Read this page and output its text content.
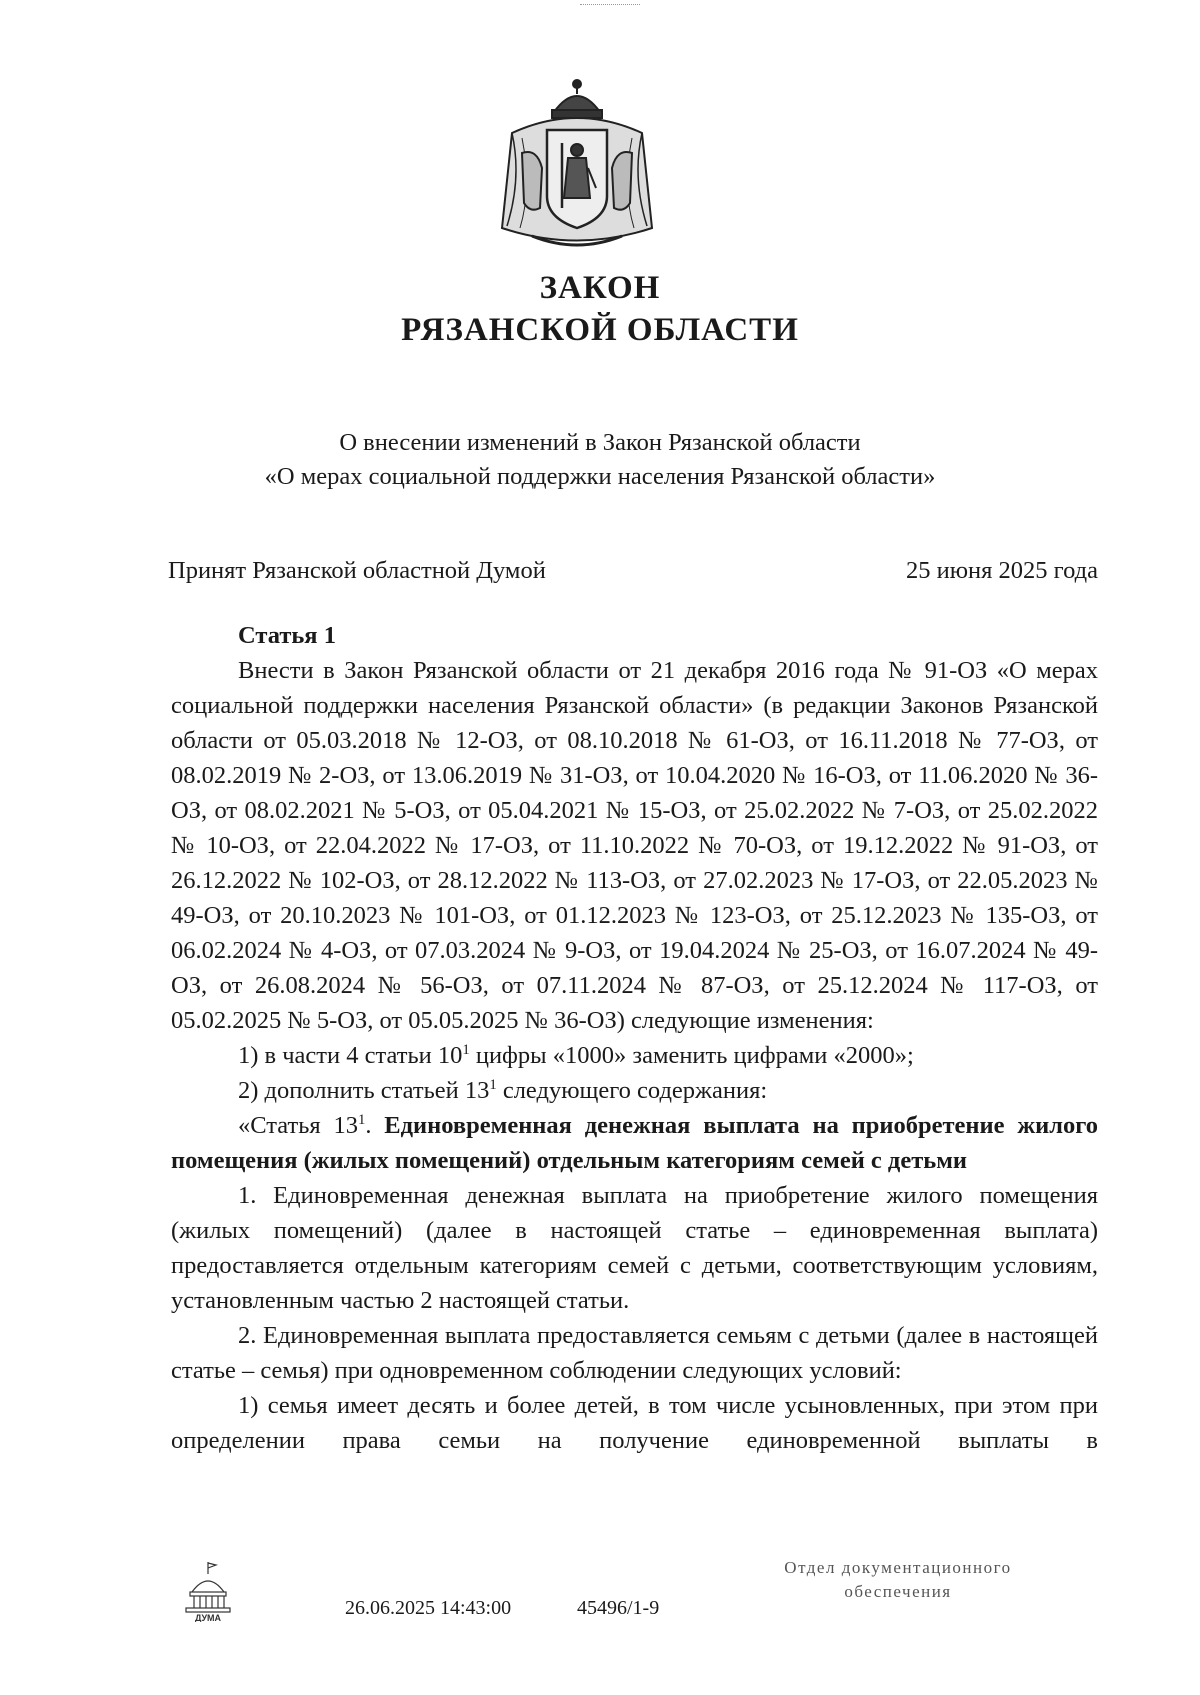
ЗАКОН
РЯЗАНСКОЙ ОБЛАСТИ
О внесении изменений в Закон Рязанской области
«О мерах социальной поддержки населения Рязанской области»
Принят Рязанской областной Думой	25 июня 2025 года
Статья 1

Внести в Закон Рязанской области от 21 декабря 2016 года № 91-ОЗ «О мерах социальной поддержки населения Рязанской области» (в редакции Законов Рязанской области от 05.03.2018 № 12-ОЗ, от 08.10.2018 № 61-ОЗ, от 16.11.2018 № 77-ОЗ, от 08.02.2019 № 2-ОЗ, от 13.06.2019 № 31-ОЗ, от 10.04.2020 № 16-ОЗ, от 11.06.2020 № 36-ОЗ, от 08.02.2021 № 5-ОЗ, от 05.04.2021 № 15-ОЗ, от 25.02.2022 № 7-ОЗ, от 25.02.2022 № 10-ОЗ, от 22.04.2022 № 17-ОЗ, от 11.10.2022 № 70-ОЗ, от 19.12.2022 № 91-ОЗ, от 26.12.2022 № 102-ОЗ, от 28.12.2022 № 113-ОЗ, от 27.02.2023 № 17-ОЗ, от 22.05.2023 № 49-ОЗ, от 20.10.2023 № 101-ОЗ, от 01.12.2023 № 123-ОЗ, от 25.12.2023 № 135-ОЗ, от 06.02.2024 № 4-ОЗ, от 07.03.2024 № 9-ОЗ, от 19.04.2024 № 25-ОЗ, от 16.07.2024 № 49-ОЗ, от 26.08.2024 № 56-ОЗ, от 07.11.2024 № 87-ОЗ, от 25.12.2024 № 117-ОЗ, от 05.02.2025 № 5-ОЗ, от 05.05.2025 № 36-ОЗ) следующие изменения:

1) в части 4 статьи $10^1$ цифры «1000» заменить цифрами «2000»;

2) дополнить статьей $13^1$ следующего содержания:

«Статья $13^1$. Единовременная денежная выплата на приобретение жилого помещения (жилых помещений) отдельным категориям семей с детьми

1. Единовременная денежная выплата на приобретение жилого помещения (жилых помещений) (далее в настоящей статье – единовременная выплата) предоставляется отдельным категориям семей с детьми, соответствующим условиям, установленным частью 2 настоящей статьи.

2. Единовременная выплата предоставляется семьям с детьми (далее в настоящей статье – семья) при одновременном соблюдении следующих условий:

1) семья имеет десять и более детей, в том числе усыновленных, при этом при определении права семьи на получение единовременной выплаты в

ДУМА	26.06.2025 14:43:00	45496/1-9
Отдел документационного
обеспечения
